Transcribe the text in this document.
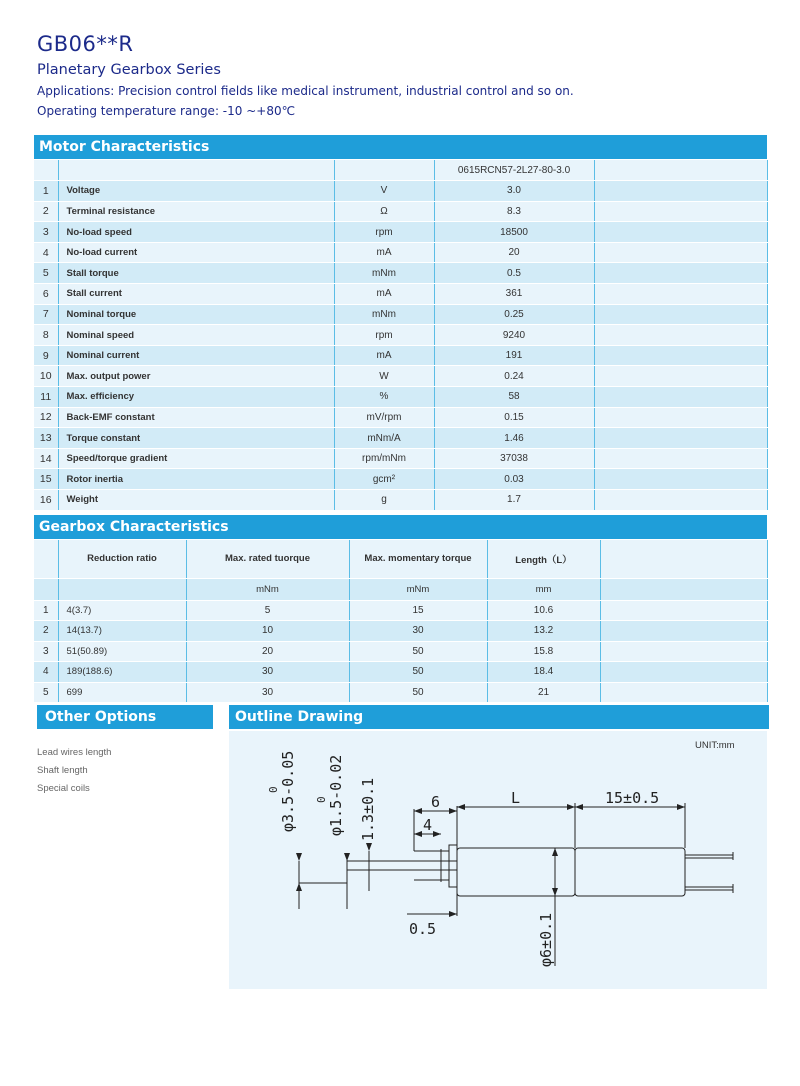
GB06**R
Planetary Gearbox Series
Applications: Precision control fields like medical instrument, industrial control and so on.
Operating temperature range: -10 ~+80℃
Motor Characteristics
			0615RCN57-2L27-80-3.0	
1	Voltage	V	3.0	
2	Terminal resistance	Ω	8.3	
3	No-load speed	rpm	18500	
4	No-load current	mA	20	
5	Stall torque	mNm	0.5	
6	Stall current	mA	361	
7	Nominal torque	mNm	0.25	
8	Nominal speed	rpm	9240	
9	Nominal current	mA	191	
10	Max. output power	W	0.24	
11	Max. efficiency	%	58	
12	Back-EMF constant	mV/rpm	0.15	
13	Torque constant	mNm/A	1.46	
14	Speed/torque gradient	rpm/mNm	37038	
15	Rotor inertia	gcm²	0.03	
16	Weight	g	1.7	
Gearbox Characteristics
	Reduction ratio	Max. rated tuorque	Max. momentary torque	Length（L）	
		mNm	mNm	mm	
1	4(3.7)	5	15	10.6	
2	14(13.7)	10	30	13.2	
3	51(50.89)	20	50	15.8	
4	189(188.6)	30	50	18.4	
5	699	30	50	21	
Other Options
Lead wires length
Shaft length
Special coils
Outline Drawing
UNIT:mm
6
4
L	15±0.5
0.5
φ3.5-0.05
0	φ1.5-0.02
0 1.3±0.1
φ6±0.1
